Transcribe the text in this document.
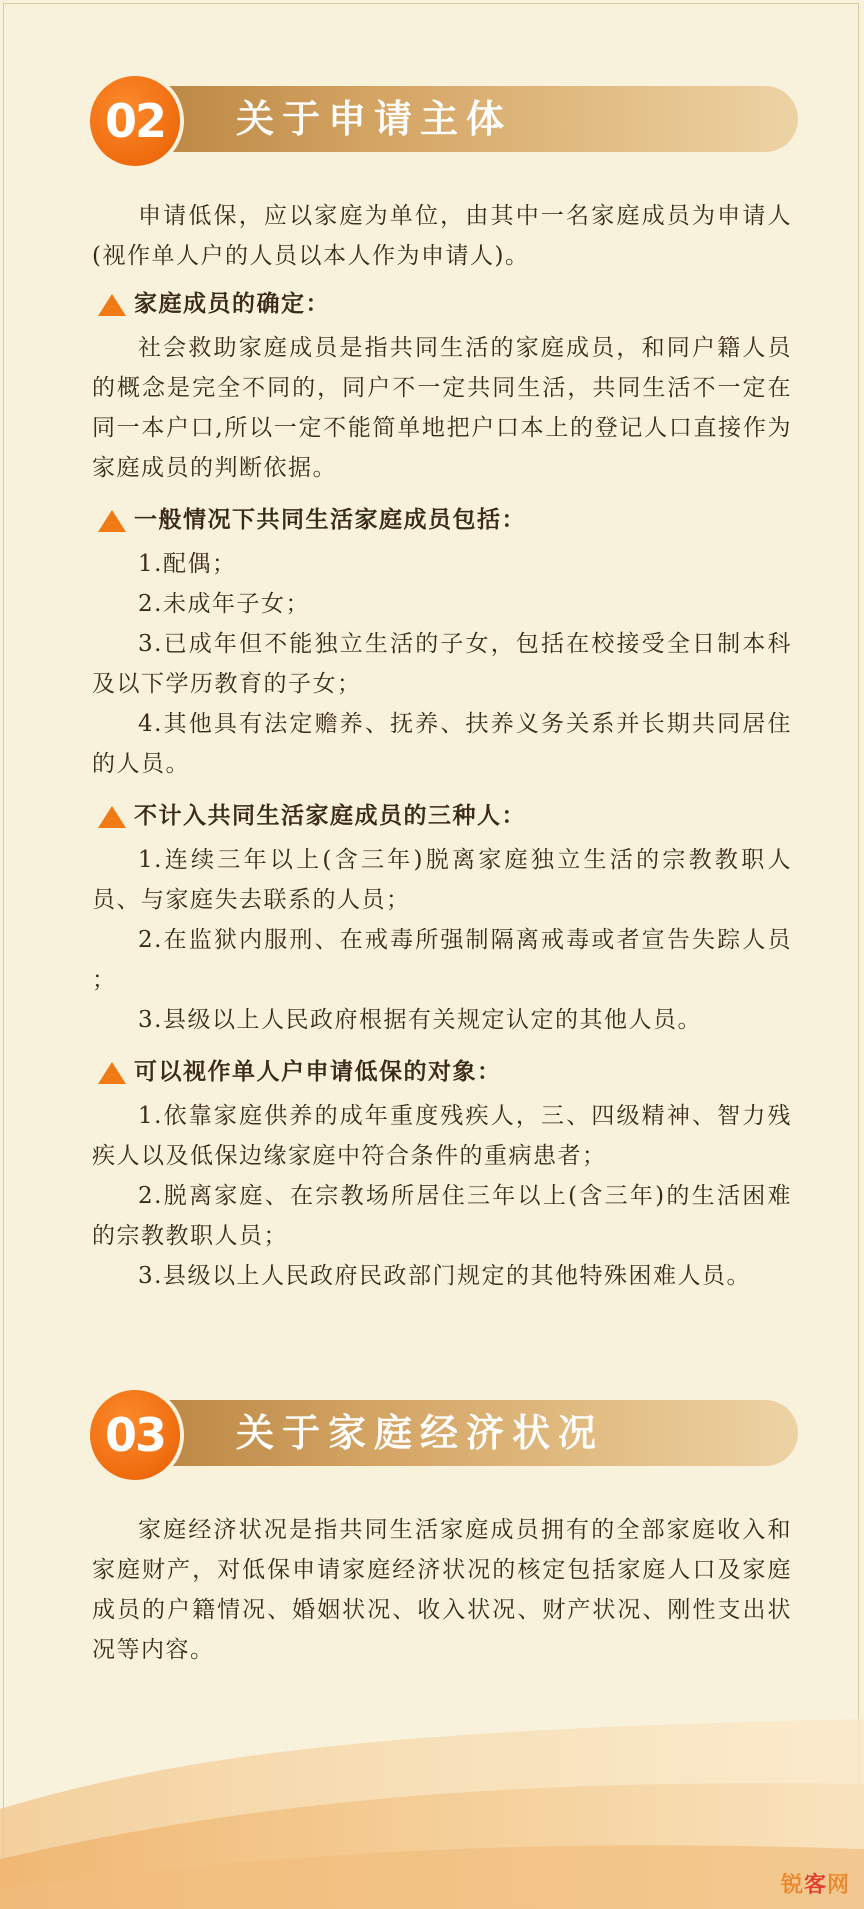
02	关于申请主体

申请低保，应以家庭为单位，由其中一名家庭成员为申请人(视作单人户的人员以本人作为申请人)。

家庭成员的确定：

社会救助家庭成员是指共同生活的家庭成员，和同户籍人员的概念是完全不同的，同户不一定共同生活，共同生活不一定在同一本户口,所以一定不能简单地把户口本上的登记人口直接作为家庭成员的判断依据。

一般情况下共同生活家庭成员包括：

1.配偶；

2.未成年子女；

3.已成年但不能独立生活的子女，包括在校接受全日制本科及以下学历教育的子女；

4.其他具有法定赡养、抚养、扶养义务关系并长期共同居住的人员。

不计入共同生活家庭成员的三种人：

1.连续三年以上(含三年)脱离家庭独立生活的宗教教职人员、与家庭失去联系的人员；

2.在监狱内服刑、在戒毒所强制隔离戒毒或者宣告失踪人员 ；

3.县级以上人民政府根据有关规定认定的其他人员。

可以视作单人户申请低保的对象：

1.依靠家庭供养的成年重度残疾人，三、四级精神、智力残疾人以及低保边缘家庭中符合条件的重病患者；

2.脱离家庭、在宗教场所居住三年以上(含三年)的生活困难的宗教教职人员；

3.县级以上人民政府民政部门规定的其他特殊困难人员。

03	关于家庭经济状况

家庭经济状况是指共同生活家庭成员拥有的全部家庭收入和家庭财产，对低保申请家庭经济状况的核定包括家庭人口及家庭成员的户籍情况、婚姻状况、收入状况、财产状况、刚性支出状况等内容。

锐客网
